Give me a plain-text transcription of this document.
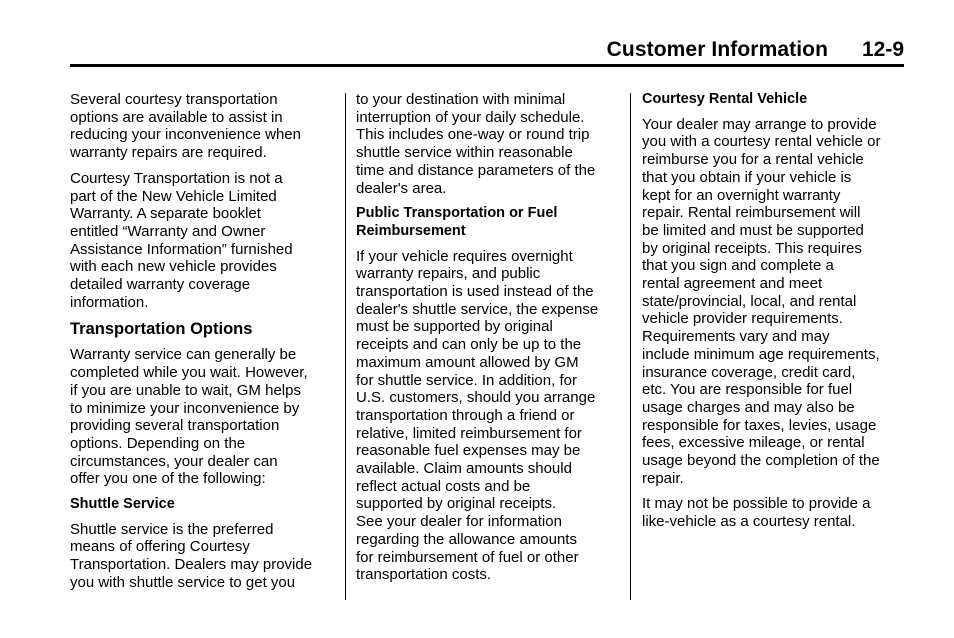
Customer Information 12-9

Several courtesy transportation
options are available to assist in
reducing your inconvenience when
warranty repairs are required.

Courtesy Transportation is not a
part of the New Vehicle Limited
Warranty. A separate booklet
entitled “Warranty and Owner
Assistance Information” furnished
with each new vehicle provides
detailed warranty coverage
information.

Transportation Options

Warranty service can generally be
completed while you wait. However,
if you are unable to wait, GM helps
to minimize your inconvenience by
providing several transportation
options. Depending on the
circumstances, your dealer can
offer you one of the following:

Shuttle Service

Shuttle service is the preferred
means of offering Courtesy
Transportation. Dealers may provide
you with shuttle service to get you

to your destination with minimal
interruption of your daily schedule.
This includes one-way or round trip
shuttle service within reasonable
time and distance parameters of the
dealer's area.

Public Transportation or Fuel
Reimbursement

If your vehicle requires overnight
warranty repairs, and public
transportation is used instead of the
dealer's shuttle service, the expense
must be supported by original
receipts and can only be up to the
maximum amount allowed by GM
for shuttle service. In addition, for
U.S. customers, should you arrange
transportation through a friend or
relative, limited reimbursement for
reasonable fuel expenses may be
available. Claim amounts should
reflect actual costs and be
supported by original receipts.

See your dealer for information
regarding the allowance amounts
for reimbursement of fuel or other
transportation costs.

Courtesy Rental Vehicle

Your dealer may arrange to provide
you with a courtesy rental vehicle or
reimburse you for a rental vehicle
that you obtain if your vehicle is
kept for an overnight warranty
repair. Rental reimbursement will
be limited and must be supported
by original receipts. This requires
that you sign and complete a
rental agreement and meet
state/provincial, local, and rental
vehicle provider requirements.
Requirements vary and may
include minimum age requirements,
insurance coverage, credit card,
etc. You are responsible for fuel
usage charges and may also be
responsible for taxes, levies, usage
fees, excessive mileage, or rental
usage beyond the completion of the
repair.

It may not be possible to provide a
like-vehicle as a courtesy rental.
